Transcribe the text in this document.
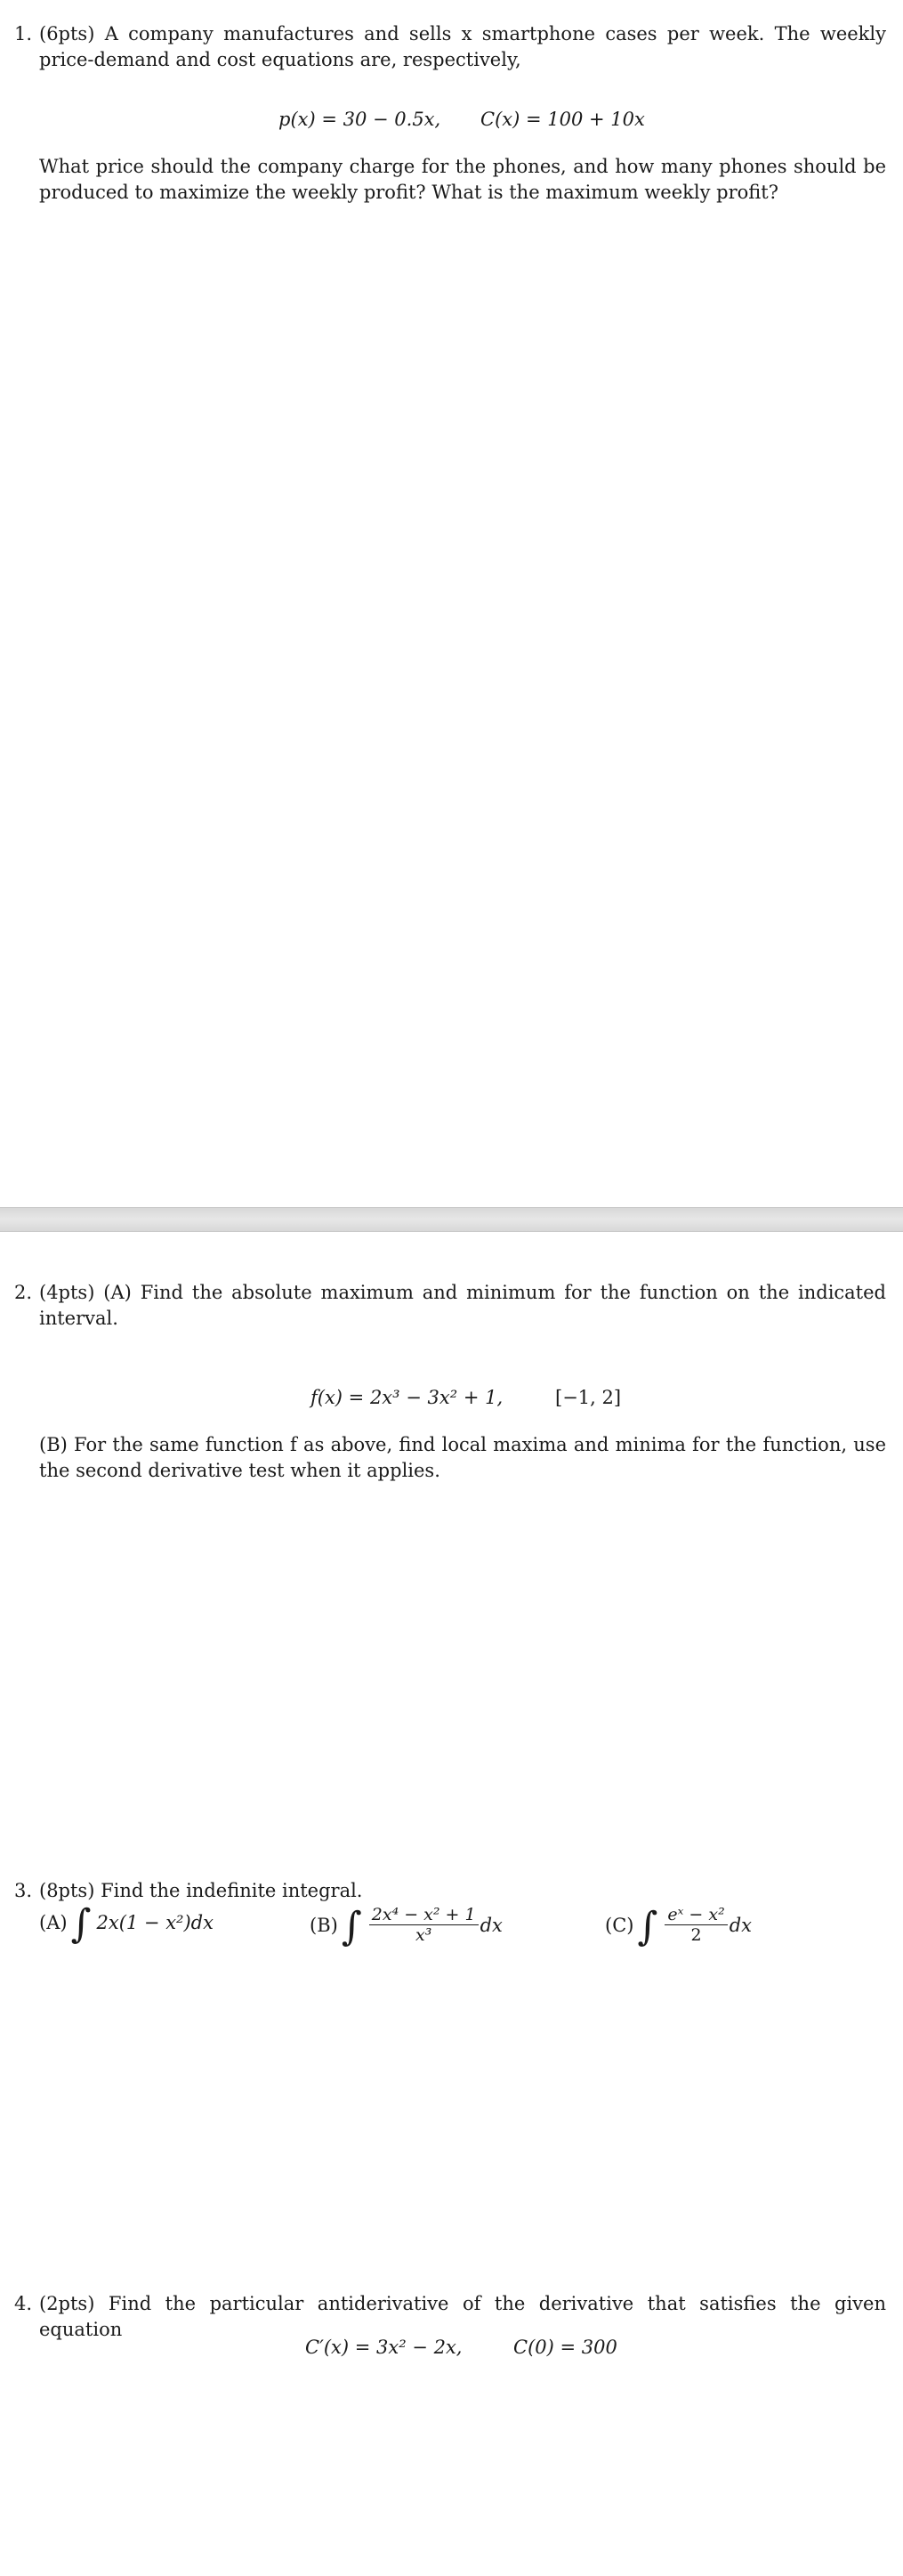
1. (6pts) A company manufactures and sells x smartphone cases per week. The weekly price-demand and cost equations are, respectively,
p(x) = 30 − 0.5x, C(x) = 100 + 10x
What price should the company charge for the phones, and how many phones should be produced to maximize the weekly profit? What is the maximum weekly profit?
2. (4pts) (A) Find the absolute maximum and minimum for the function on the indicated interval.
f(x) = 2x³ − 3x² + 1,	[−1, 2]
(B) For the same function f as above, find local maxima and minima for the function, use the second derivative test when it applies.
3. (8pts) Find the indefinite integral.
(A) ∫ 2x(1 − x²)dx	(B) ∫ $\frac{\text{2x⁴ − x² + 1}}{\text{x³}}$ dx	(C) ∫ $\frac{\text{eˣ − x²}}{2}$ dx
4. (2pts) Find the particular antiderivative of the derivative that satisfies the given equation
C′(x) = 3x² − 2x,	C(0) = 300
